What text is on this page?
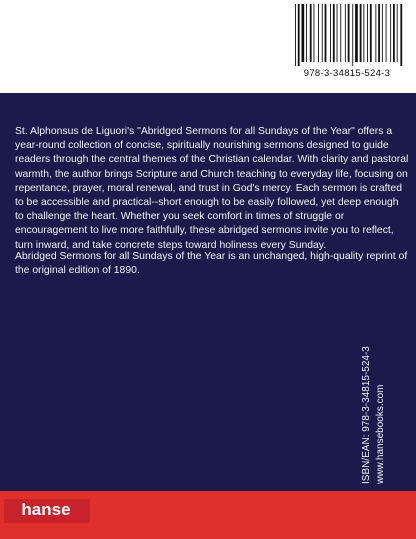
978-3-34815-524-3

St. Alphonsus de Liguori's "Abridged Sermons for all Sundays of the Year" offers a year-round collection of concise, spiritually nourishing sermons designed to guide readers through the central themes of the Christian calendar. With clarity and pastoral warmth, the author brings Scripture and Church teaching to everyday life, focusing on repentance, prayer, moral renewal, and trust in God's mercy. Each sermon is crafted to be accessible and practical--short enough to be easily followed, yet deep enough to challenge the heart. Whether you seek comfort in times of struggle or encouragement to live more faithfully, these abridged sermons invite you to reflect, turn inward, and take concrete steps toward holiness every Sunday.

Abridged Sermons for all Sundays of the Year is an unchanged, high-quality reprint of the original edition of 1890.

ISBN/EAN: 978-3-34815-524-3 www.hansebooks.com
hanse
